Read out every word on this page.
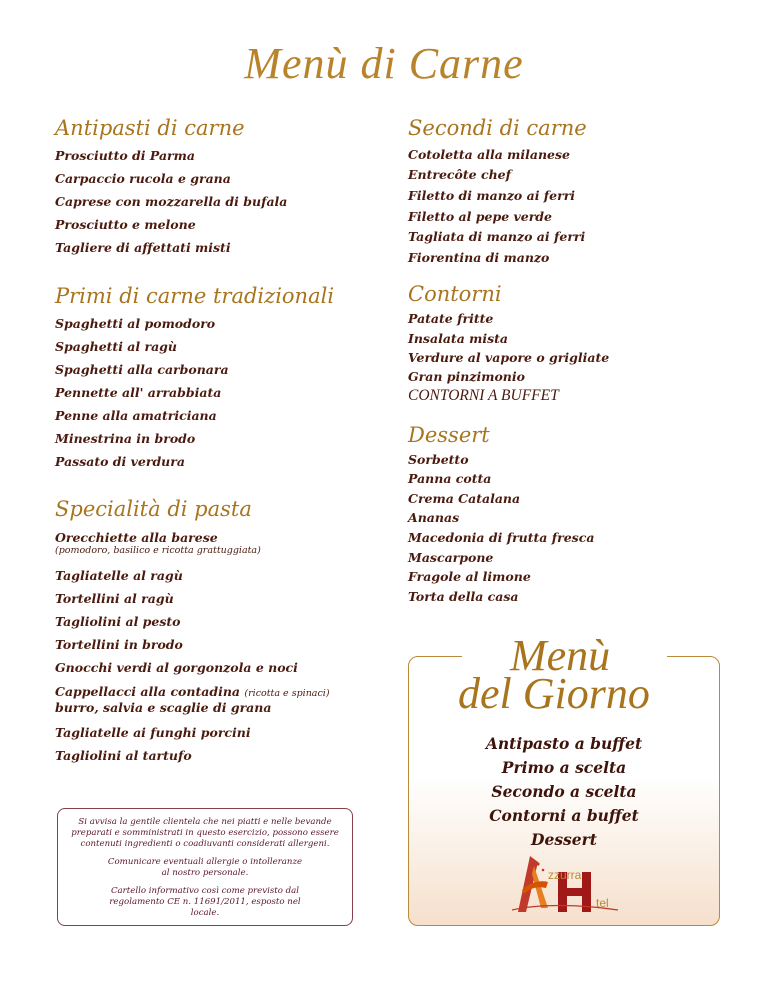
Menù di Carne
Antipasti di carne
Prosciutto di Parma
Carpaccio rucola e grana
Caprese con mozzarella di bufala
Prosciutto e melone
Tagliere di affettati misti
Primi di carne tradizionali
Spaghetti al pomodoro
Spaghetti al ragù
Spaghetti alla carbonara
Pennette all' arrabbiata
Penne alla amatriciana
Minestrina in brodo
Passato di verdura
Specialità di pasta
Orecchiette alla barese
(pomodoro, basilico e ricotta grattuggiata)
Tagliatelle al ragù
Tortellini al ragù
Tagliolini al pesto
Tortellini in brodo
Gnocchi verdi al gorgonzola e noci
Cappellacci alla contadina (ricotta e spinaci)
burro, salvia e scaglie di grana
Tagliatelle ai funghi porcini
Tagliolini al tartufo

Si avvisa la gentile clientela che nei piatti e nelle bevande preparati e somministrati in questo esercizio, possono essere contenuti ingredienti o coadiuvanti considerati allergeni.

Comunicare eventuali allergie o intolleranze al nostro personale.

Cartello informativo così come previsto dal regolamento CE n. 11691/2011, esposto nel locale.

Secondi di carne
Cotoletta alla milanese
Entrecôte chef
Filetto di manzo ai ferri
Filetto al pepe verde
Tagliata di manzo ai ferri
Fiorentina di manzo
Contorni
Patate fritte
Insalata mista
Verdure al vapore o grigliate
Gran pinzimonio
CONTORNI A BUFFET
Dessert
Sorbetto
Panna cotta
Crema Catalana
Ananas
Macedonia di frutta fresca
Mascarpone
Fragole al limone
Torta della casa
Menù
del Giorno
Antipasto a buffet
Primo a scelta
Secondo a scelta
Contorni a buffet
Dessert
zzurra
tel
